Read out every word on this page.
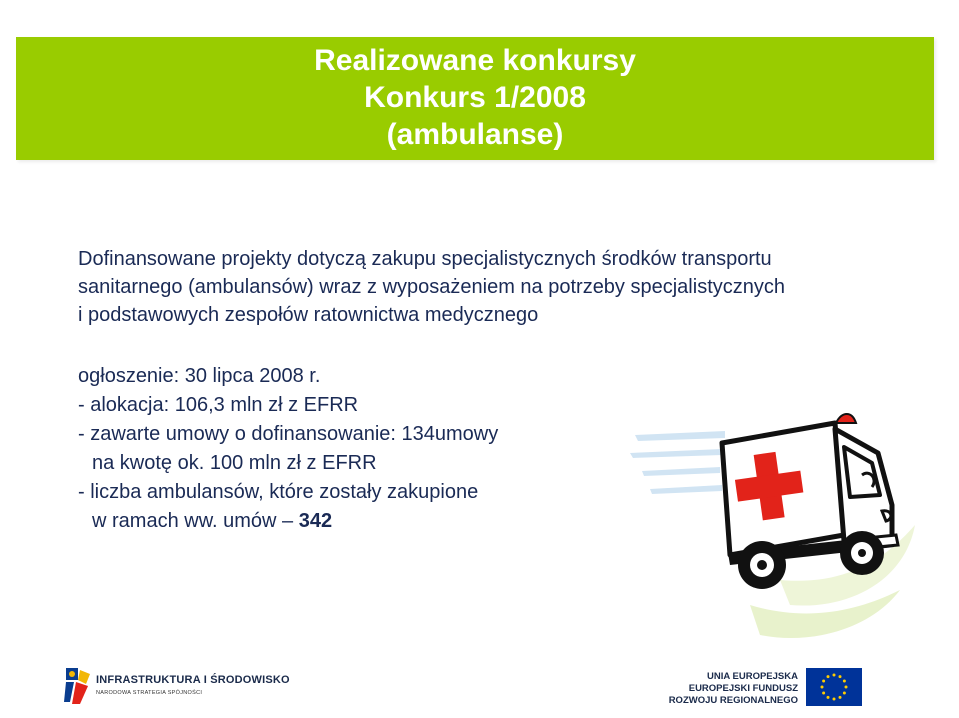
Realizowane konkursy
Konkurs 1/2008
(ambulanse)
Dofinansowane projekty dotyczą zakupu specjalistycznych środków transportu
sanitarnego (ambulansów) wraz z wyposażeniem na potrzeby specjalistycznych
i podstawowych zespołów ratownictwa medycznego
ogłoszenie: 30 lipca 2008 r.
- alokacja: 106,3 mln zł z EFRR
- zawarte umowy o dofinansowanie: 134umowy
na kwotę ok. 100 mln zł z EFRR
- liczba ambulansów, które zostały zakupione
w ramach ww. umów – 342
INFRASTRUKTURA I ŚRODOWISKO
NARODOWA STRATEGIA SPÓJNOŚCI
UNIA EUROPEJSKA
EUROPEJSKI FUNDUSZ
ROZWOJU REGIONALNEGO
